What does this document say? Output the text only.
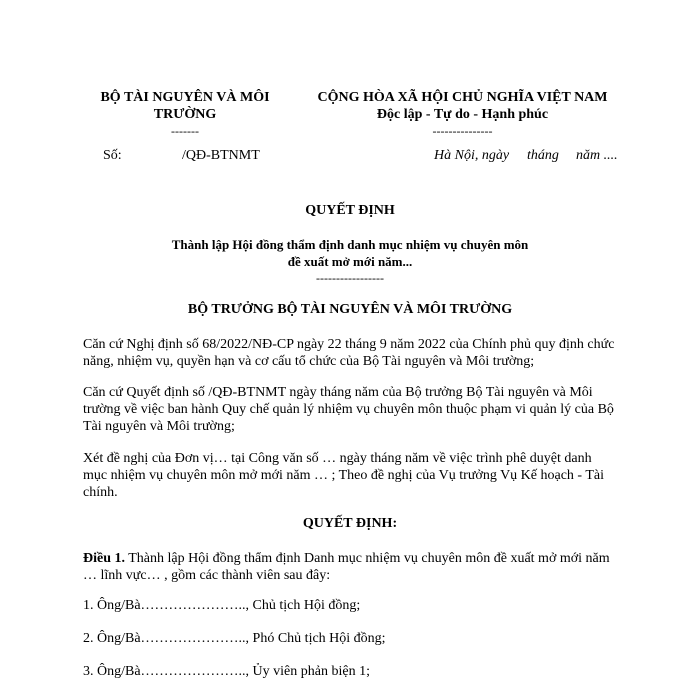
BỘ TÀI NGUYÊN VÀ MÔI
TRƯỜNG
-------
Số:	/QĐ-BTNMT
CỘNG HÒA XÃ HỘI CHỦ NGHĨA VIỆT NAM
Độc lập - Tự do - Hạnh phúc
---------------
Hà Nội, ngày tháng năm ....
QUYẾT ĐỊNH
Thành lập Hội đồng thẩm định danh mục nhiệm vụ chuyên môn
đề xuất mở mới năm...
-----------------
BỘ TRƯỞNG BỘ TÀI NGUYÊN VÀ MÔI TRƯỜNG
Căn cứ Nghị định số 68/2022/NĐ-CP ngày 22 tháng 9 năm 2022 của Chính phủ quy định chức năng, nhiệm vụ, quyền hạn và cơ cấu tổ chức của Bộ Tài nguyên và Môi trường;
Căn cứ Quyết định số /QĐ-BTNMT ngày tháng năm của Bộ trưởng Bộ Tài nguyên và Môi trường về việc ban hành Quy chế quản lý nhiệm vụ chuyên môn thuộc phạm vi quản lý của Bộ Tài nguyên và Môi trường;
Xét đề nghị của Đơn vị… tại Công văn số … ngày tháng năm về việc trình phê duyệt danh mục nhiệm vụ chuyên môn mở mới năm … ; Theo đề nghị của Vụ trưởng Vụ Kế hoạch - Tài chính.
QUYẾT ĐỊNH:
Điều 1. Thành lập Hội đồng thẩm định Danh mục nhiệm vụ chuyên môn đề xuất mở mới năm … lĩnh vực… , gồm các thành viên sau đây:
1. Ông/Bà………………….., Chủ tịch Hội đồng;
2. Ông/Bà………………….., Phó Chủ tịch Hội đồng;
3. Ông/Bà………………….., Ủy viên phản biện 1;
